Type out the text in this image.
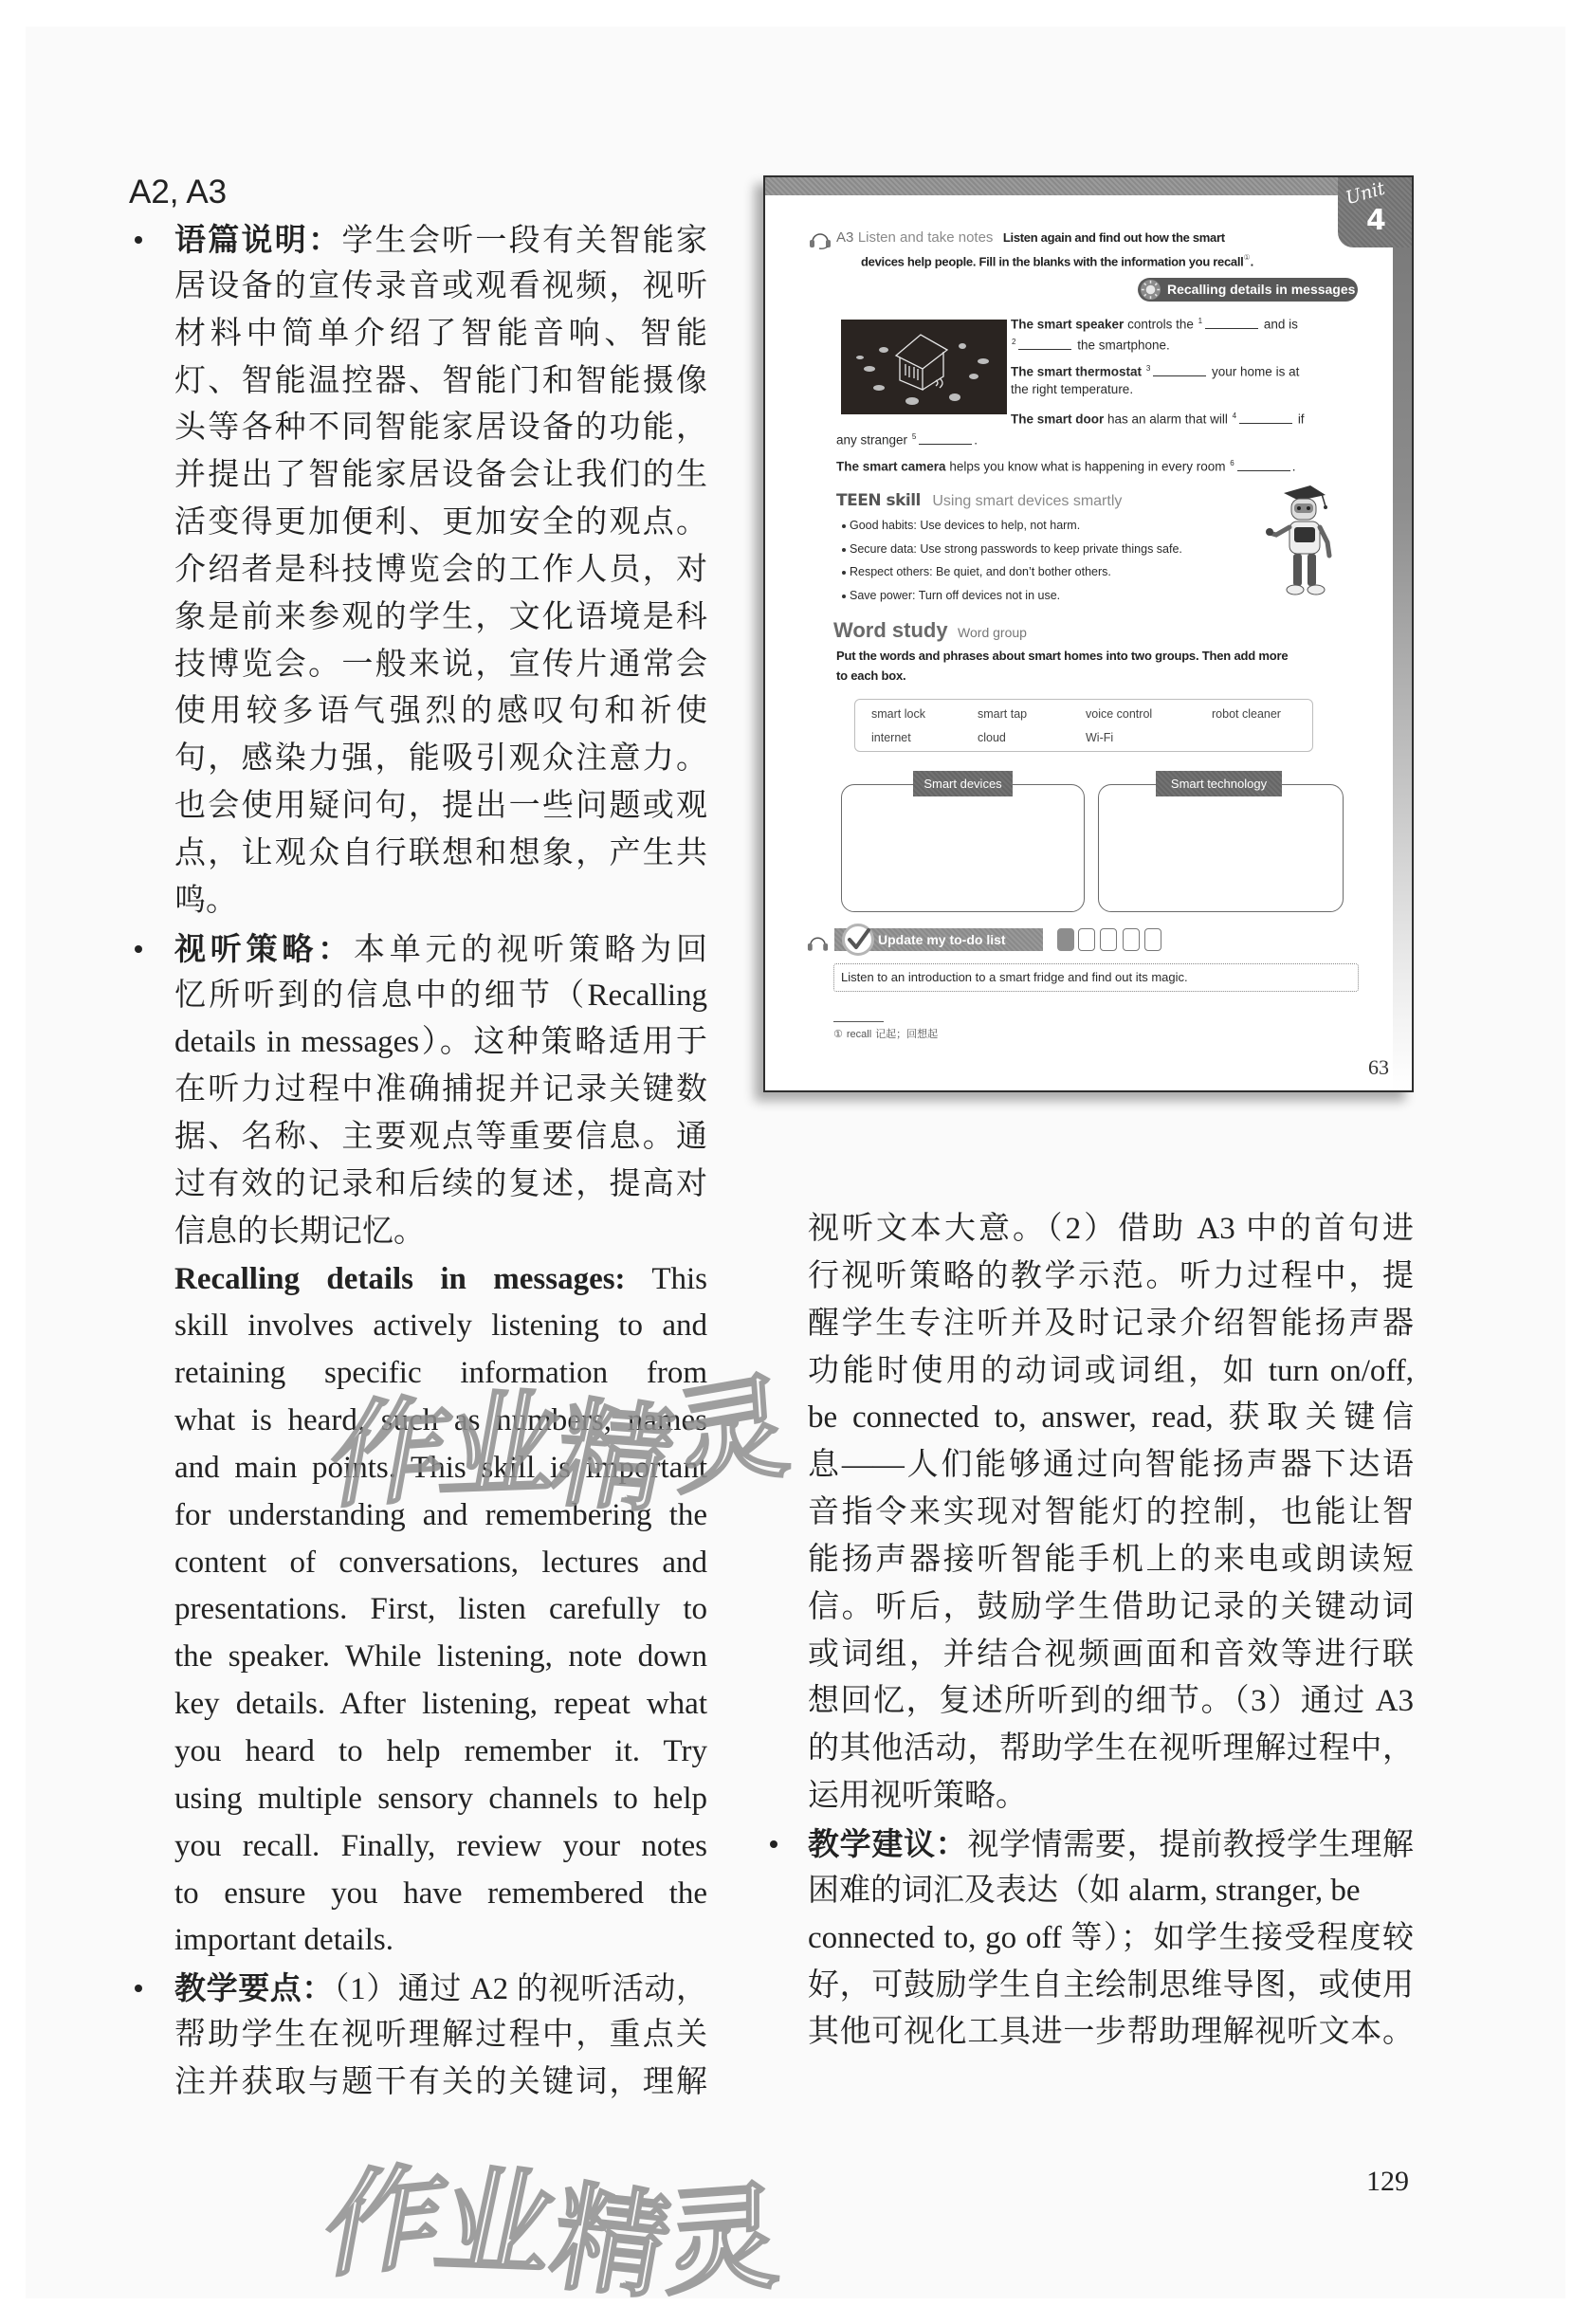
A2, A3
语篇说明：学生会听一段有关智能家
居设备的宣传录音或观看视频，视听
材料中简单介绍了智能音响、智能
灯、智能温控器、智能门和智能摄像
头等各种不同智能家居设备的功能，
并提出了智能家居设备会让我们的生
活变得更加便利、更加安全的观点。
介绍者是科技博览会的工作人员，对
象是前来参观的学生，文化语境是科
技博览会。一般来说，宣传片通常会
使用较多语气强烈的感叹句和祈使
句，感染力强，能吸引观众注意力。
也会使用疑问句，提出一些问题或观
点，让观众自行联想和想象，产生共
鸣。
视听策略：本单元的视听策略为回
忆所听到的信息中的细节（Recalling
details in messages）。这种策略适用于
在听力过程中准确捕捉并记录关键数
据、名称、主要观点等重要信息。通
过有效的记录和后续的复述，提高对
信息的长期记忆。
Recalling details in messages: This
skill involves actively listening to and
retaining specific information from
what is heard, such as numbers, names
and main points. This skill is important
for understanding and remembering the
content of conversations, lectures and
presentations. First, listen carefully to
the speaker. While listening, note down
key details. After listening, repeat what
you heard to help remember it. Try
using multiple sensory channels to help
you recall. Finally, review your notes
to ensure you have remembered the
important details.
教学要点：（1）通过 A2 的视听活动，
帮助学生在视听理解过程中，重点关
注并获取与题干有关的关键词，理解
视听文本大意。（2）借助 A3 中的首句进
行视听策略的教学示范。听力过程中，提
醒学生专注听并及时记录介绍智能扬声器
功能时使用的动词或词组，如 turn on/off,
be connected to, answer, read, 获取关键信
息——人们能够通过向智能扬声器下达语
音指令来实现对智能灯的控制，也能让智
能扬声器接听智能手机上的来电或朗读短
信。听后，鼓励学生借助记录的关键动词
或词组，并结合视频画面和音效等进行联
想回忆，复述所听到的细节。（3）通过 A3
的其他活动，帮助学生在视听理解过程中，
运用视听策略。
教学建议：视学情需要，提前教授学生理解
困难的词汇及表达（如 alarm, stranger, be
connected to, go off 等）；如学生接受程度较
好，可鼓励学生自主绘制思维导图，或使用
其他可视化工具进一步帮助理解视听文本。
Unit
4
A3 Listen and take notes Listen again and find out how the smart
devices help people. Fill in the blanks with the information you recall①.
Recalling details in messages
The smart speaker controls the $^1$	and is
$^2$	the smartphone.
The smart thermostat $^3$	your home is at
the right temperature.
The smart door has an alarm that will $^4$	if
any stranger $^5$	.
The smart camera helps you know what is happening in every room $^6$	.
TEEN skill Using smart devices smartly
Good habits: Use devices to help, not harm.
Secure data: Use strong passwords to keep private things safe.
Respect others: Be quiet, and don’t bother others.
Save power: Turn off devices not in use.
Word study Word group
Put the words and phrases about smart homes into two groups. Then add more
to each box.
smart lock	smart tap	voice control	robot cleaner
internet	cloud	Wi-Fi
Smart devices	Smart technology
Update my to-do list
Listen to an introduction to a smart fridge and find out its magic.
① recall 记起；回想起
63
129
